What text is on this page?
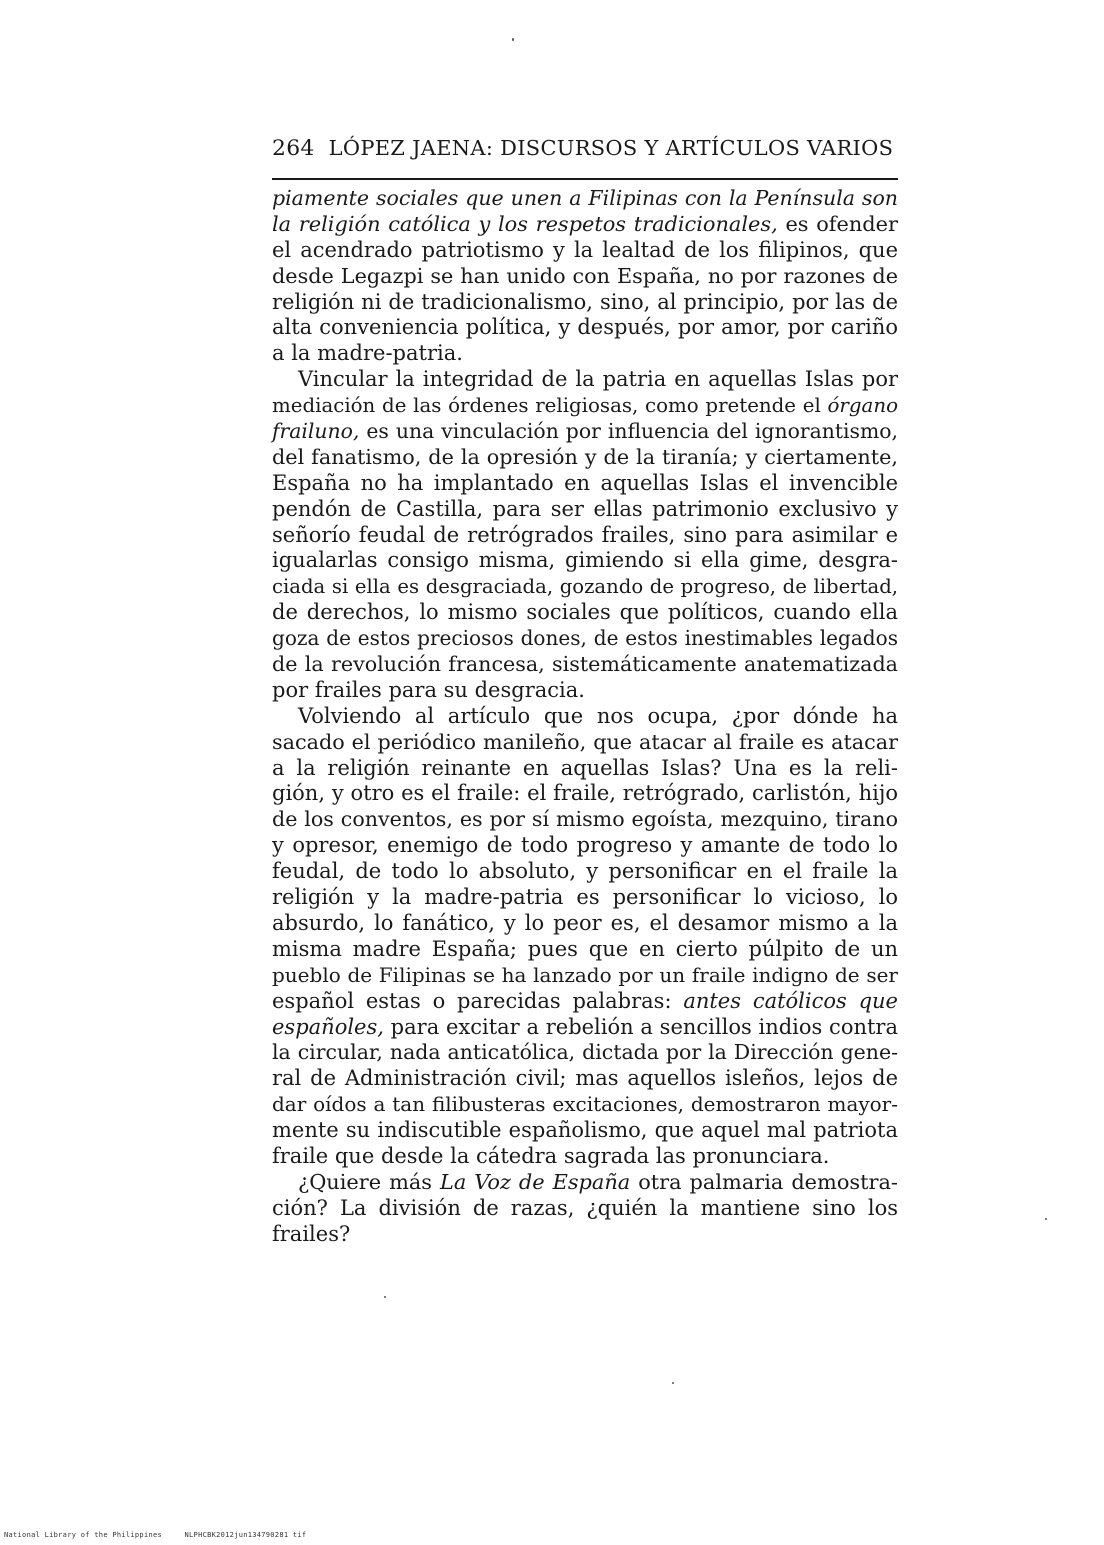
264 LÓPEZ JAENA: DISCURSOS Y ARTÍCULOS VARIOS
piamente sociales que unen a Filipinas con la Península son
la religión católica y los respetos tradicionales, es ofender
el acendrado patriotismo y la lealtad de los filipinos, que
desde Legazpi se han unido con España, no por razones de
religión ni de tradicionalismo, sino, al principio, por las de
alta conveniencia política, y después, por amor, por cariño
a la madre-patria.
Vincular la integridad de la patria en aquellas Islas por
mediación de las órdenes religiosas, como pretende el órgano
frailuno, es una vinculación por influencia del ignorantismo,
del fanatismo, de la opresión y de la tiranía; y ciertamente,
España no ha implantado en aquellas Islas el invencible
pendón de Castilla, para ser ellas patrimonio exclusivo y
señorío feudal de retrógrados frailes, sino para asimilar e
igualarlas consigo misma, gimiendo si ella gime, desgra-
ciada si ella es desgraciada, gozando de progreso, de libertad,
de derechos, lo mismo sociales que políticos, cuando ella
goza de estos preciosos dones, de estos inestimables legados
de la revolución francesa, sistemáticamente anatematizada
por frailes para su desgracia.
Volviendo al artículo que nos ocupa, ¿por dónde ha
sacado el periódico manileño, que atacar al fraile es atacar
a la religión reinante en aquellas Islas? Una es la reli-
gión, y otro es el fraile: el fraile, retrógrado, carlistón, hijo
de los conventos, es por sí mismo egoísta, mezquino, tirano
y opresor, enemigo de todo progreso y amante de todo lo
feudal, de todo lo absoluto, y personificar en el fraile la
religión y la madre-patria es personificar lo vicioso, lo
absurdo, lo fanático, y lo peor es, el desamor mismo a la
misma madre España; pues que en cierto púlpito de un
pueblo de Filipinas se ha lanzado por un fraile indigno de ser
español estas o parecidas palabras: antes católicos que
españoles, para excitar a rebelión a sencillos indios contra
la circular, nada anticatólica, dictada por la Dirección gene-
ral de Administración civil; mas aquellos isleños, lejos de
dar oídos a tan filibusteras excitaciones, demostraron mayor-
mente su indiscutible españolismo, que aquel mal patriota
fraile que desde la cátedra sagrada las pronunciara.
¿Quiere más La Voz de España otra palmaria demostra-
ción? La división de razas, ¿quién la mantiene sino los
frailes?
National Library of the Philippines	NLPHCBK2012jun134790281 tif
